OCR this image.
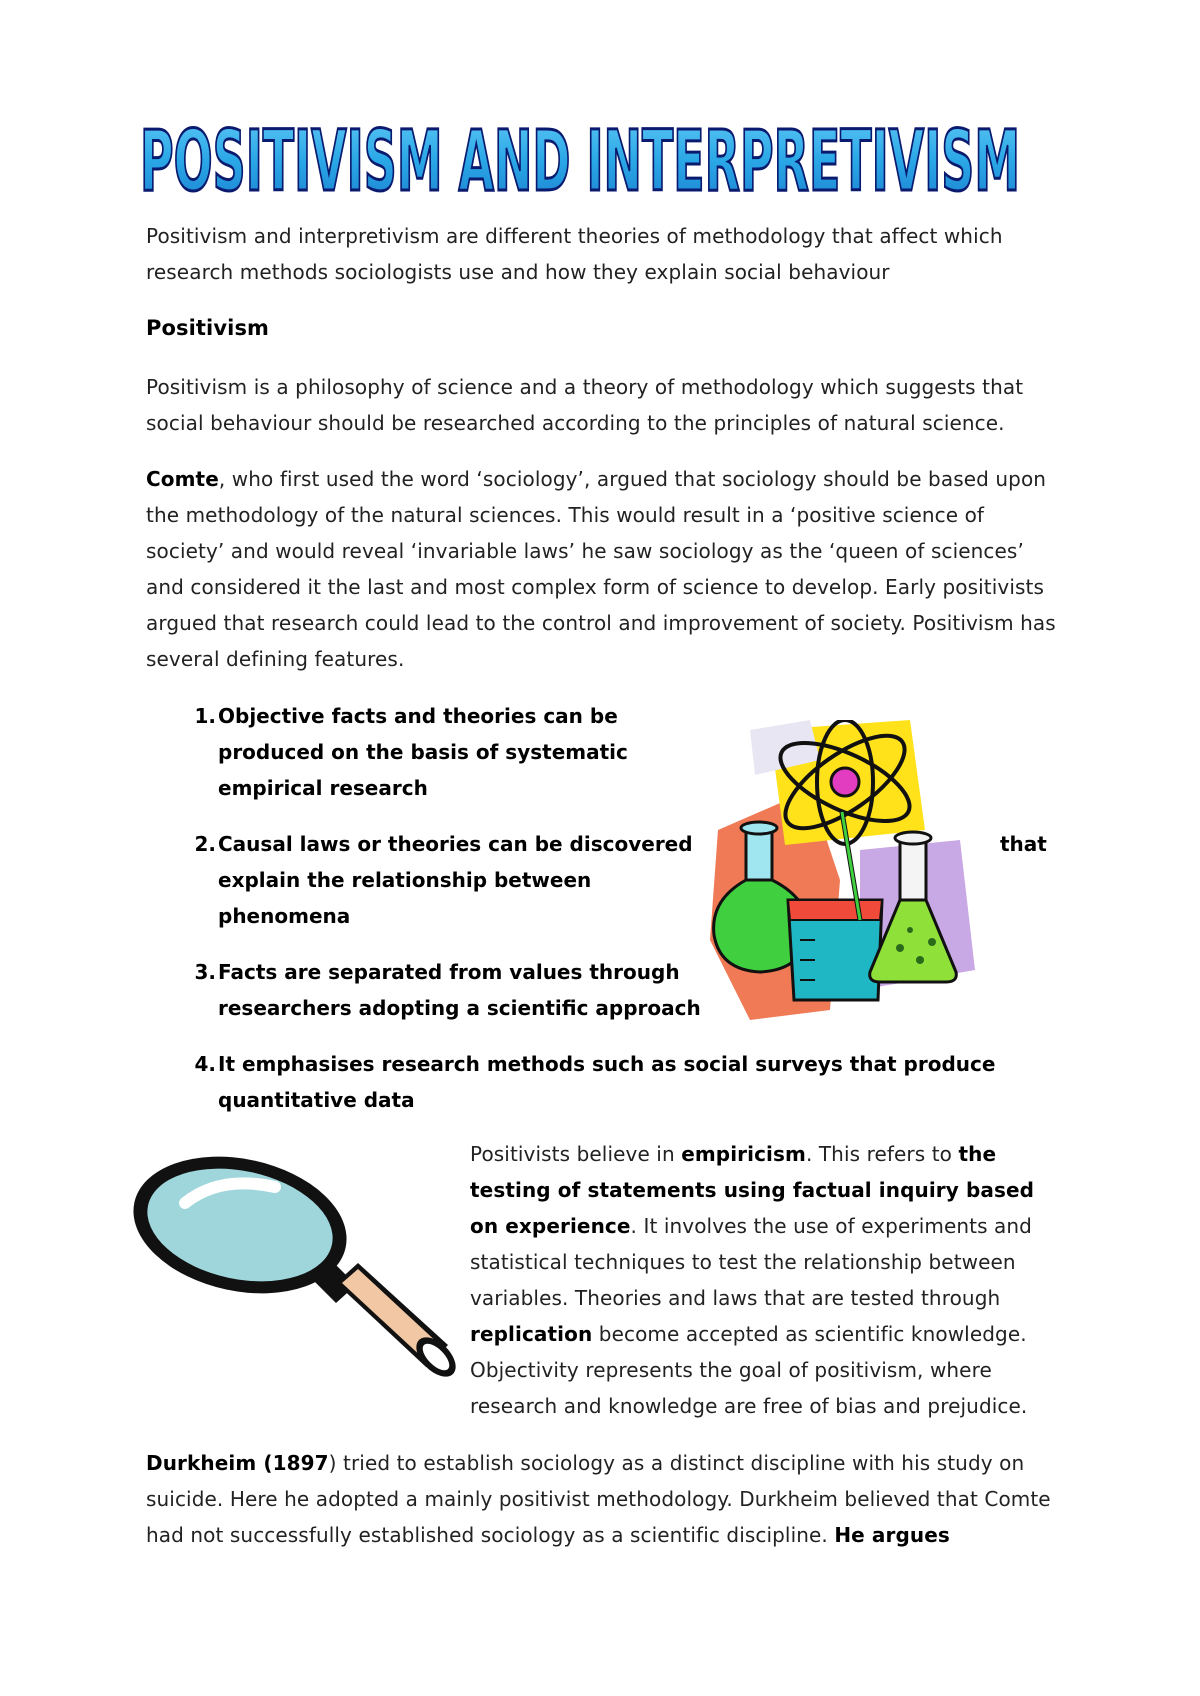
POSITIVISM AND INTERPRETIVISM
Positivism and interpretivism are different theories of methodology that affect which research methods sociologists use and how they explain social behaviour
Positivism
Positivism is a philosophy of science and a theory of methodology which suggests that social behaviour should be researched according to the principles of natural science.
Comte, who first used the word ‘sociology’, argued that sociology should be based upon the methodology of the natural sciences. This would result in a ‘positive science of society’ and would reveal ‘invariable laws’ he saw sociology as the ‘queen of sciences’ and considered it the last and most complex form of science to develop. Early positivists argued that research could lead to the control and improvement of society. Positivism has several defining features.
1. Objective facts and theories can be
produced on the basis of systematic
empirical research
2. Causal laws or theories can be discovered
explain the relationship between
phenomena
that
3. Facts are separated from values through
researchers adopting a scientific approach
4. It emphasises research methods such as social surveys that produce
quantitative data
Positivists believe in empiricism. This refers to the testing of statements using factual inquiry based on experience. It involves the use of experiments and statistical techniques to test the relationship between variables. Theories and laws that are tested through replication become accepted as scientific knowledge. Objectivity represents the goal of positivism, where research and knowledge are free of bias and prejudice.
Durkheim (1897) tried to establish sociology as a distinct discipline with his study on suicide. Here he adopted a mainly positivist methodology. Durkheim believed that Comte had not successfully established sociology as a scientific discipline. He argues
